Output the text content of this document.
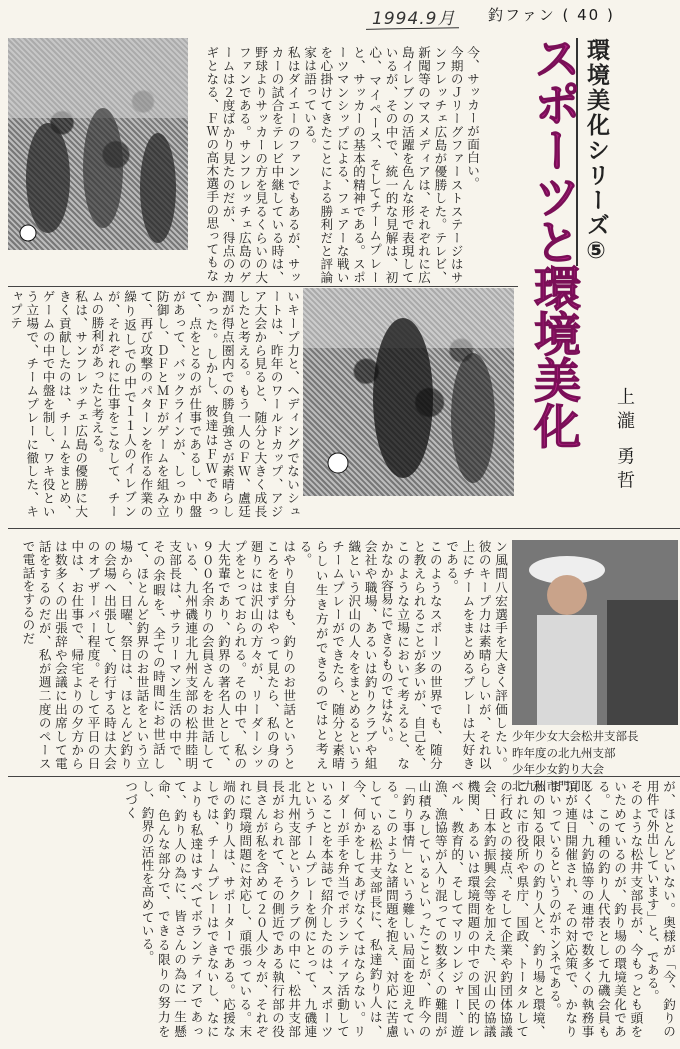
1994.9月 釣ファン ( 40 )
少年少女大会松井支部長
昨年度の北九州支部
少年少女釣り大会
北九州市門司区
環境美化シリーズ⑤
スポーツと環境美化 上瀧 勇哲
今、サッカーが面白い。
今期のＪリーグファーストステージはサンフレッチェ広島が優勝した。テレビ、新聞等のマスメディアは、それぞれに広島イレブンの活躍を色んな形で表現しているが、その中で、統一的な見解は、初心、マイペース、そしてチームプレーと、サッカーの基本的精神である。スポーツマンシップによる、フェアーな戦いを心掛けてきたことによる勝利だと評論家は語っている。
私はダイエーのファンでもあるが、サッカーの試合をテレビ中継している時は、野球よりサッカーの方を見るくらいの大ファンである。サンフレッチェ広島のゲームは２度ばかり見たのだが、得点のカギとなる、ＦＷの高木選手の思ってもな
いキープ力と、ヘディングでないシュートは、昨年のワールドカップ、アジア大会から見ると、随分と大きく成長したと考える。もう一人のＦＷ、盧廷潤が得点圏内での勝負強さが素晴らしかった。しかし、彼達はＦＷであって、点をとるのが仕事であるし、中盤があって、バックラインが、しっかり防御し、ＤＦとＭＦがゲームを組み立て、再び攻撃のパターンを作る作業の繰り返しでの中で１１人のイレブンが、それぞれに仕事をこなして、チームの勝利があったと考える。
私は、サンフレッチェ広島の優勝に大きく貢献したのは、チームをまとめ、ゲームの中で中盤を制し、ワキ役という立場で、チームプレーに徹した、キャプテ
ン風間八宏選手を大きく評価したい。彼のキープ力は素晴らしいが、それ以上にチームをまとめるプレーは大好きである。
このようなスポーツの世界でも、随分と教えられることが多いが、自己を、このような立場において考えると、なかなか容易にできるものではない。
会社や職場、あるいは釣りクラブや組織という沢山の人々をまとめるというチームプレーができたら、随分と素晴らしい生き方ができるのではと考える。
はやり自分も、釣りのお世話というところをまずはやって見たら、私の身の廻りには沢山の方々が、リーダーシップをとっておられる。その中で、私の大先輩であり、釣界の著名人として、９００名余りの会員さんをお世話している、九州磯連北九州支部の松井睦明支部長は、サラリーマン生活の中で、その余暇を、全ての時間にお世話して、ほとんど釣界のお世話をという立場から、日曜、祭日は、ほとんど釣りの会場へ出張して、釣行する時は大会のオブザーバー程度。そして平日の日中は、お仕事で、帰宅よりの夕方からは数多くの出張辞や会議に出席して電話をするのだが、私が週二度のペースで電話をするのだ
が、ほとんどいない。奥様が「今、釣りの用件で外出しています」と、である。
そのような松井支部長が、今もっとも頭をいためているのが、釣り場の環境美化である。この種の釣り人代表として九磯会員もしくは、九釣協等の連帯で数多くの執務事項が連日開催され、その対応策で、かなりまいっているというのがホンネである。
私の知る限りの釣り人と、釣り場と環境、これに市役所や県庁、国政、トータルしての行政との接点、そして企業や釣団体協議会、日本釣振興会等を加えた、沢山の協議機関、あるいは環境問題の中での国民的レベル、教育的、そしてマリンレジャー、遊漁、漁協等が入り混っての数多くの難問が山積みしているといったことが、昨今の「釣り事情」という難しい局面を迎えている。このような諸問題を抱え、対応に苦慮している松井支部長に、私達釣り人は、今、何かをしてあげなくてはならない。リーダーが手を弁当でボランティア活動していることを本誌で紹介したのは、スポーツというチームプレーを例にとって、九磯連北九州支部というクラブの中に、松井支部長がおられて、その側近である執行部の役員さんが私を含めて２０人少々が、それぞれに環境問題に対応し、頑張っている。末端の釣り人は、サポーターである。応援なしでは、チームプレーはできないし、なによりも私達はすべてボランティアであって、釣り人の為に、皆さんの為に一生懸命、色んな部分で、できる限りの努力をし、釣界の活性を高めている。
つづく
